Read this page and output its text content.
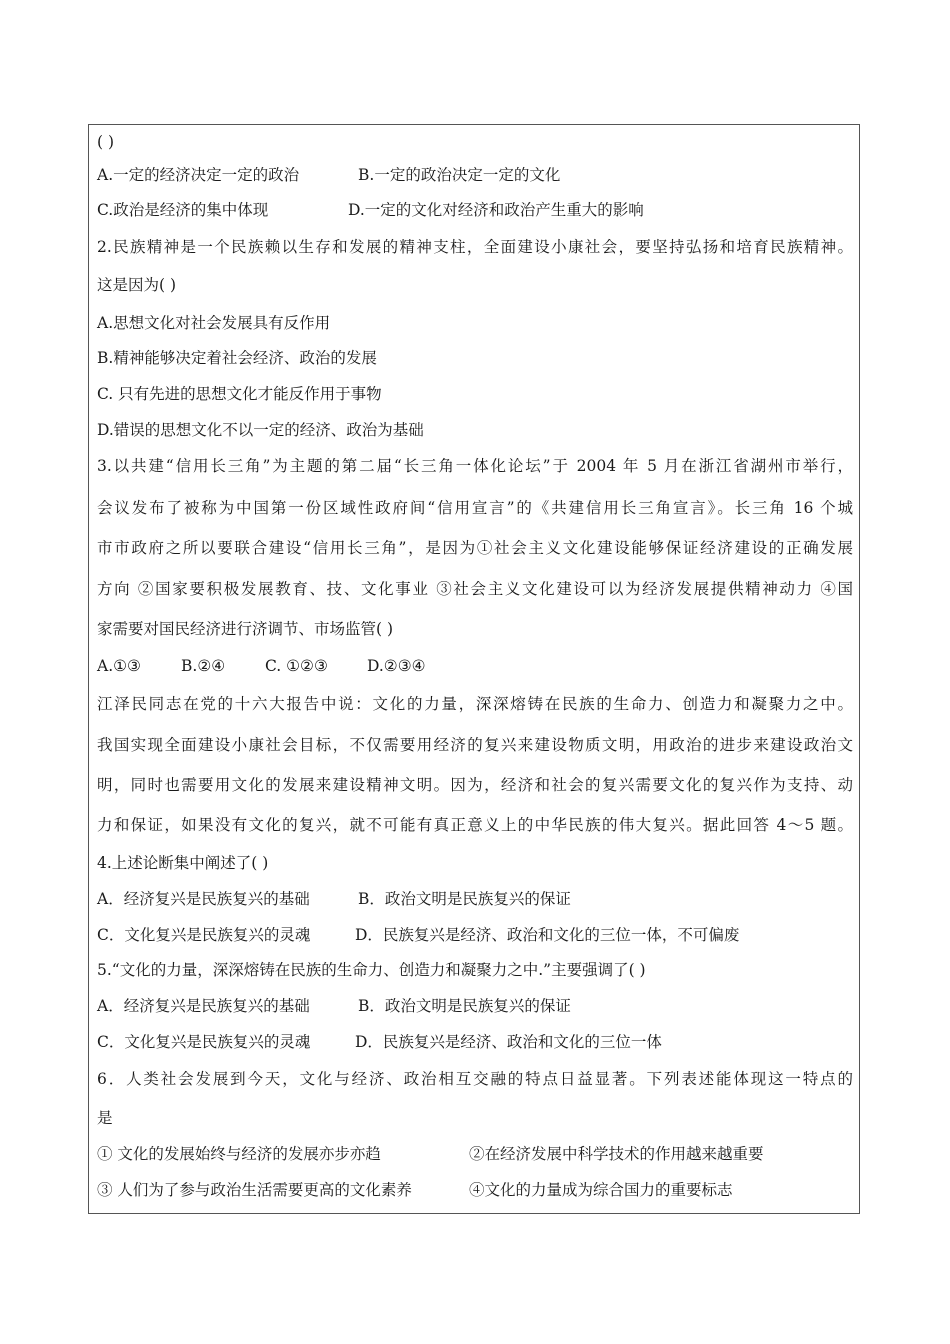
( )
A.一定的经济决定一定的政治	B.一定的政治决定一定的文化
C.政治是经济的集中体现	D.一定的文化对经济和政治产生重大的影响
2.民族精神是一个民族赖以生存和发展的精神支柱，全面建设小康社会，要坚持弘扬和培育民族精神。
这是因为( )
A.思想文化对社会发展具有反作用
B.精神能够决定着社会经济、政治的发展
C. 只有先进的思想文化才能反作用于事物
D.错误的思想文化不以一定的经济、政治为基础
3.以共建“信用长三角”为主题的第二届“长三角一体化论坛”于 2004 年 5 月在浙江省湖州市举行，
会议发布了被称为中国第一份区域性政府间“信用宣言”的《共建信用长三角宣言》。长三角 16 个城
市市政府之所以要联合建设“信用长三角”，是因为①社会主义文化建设能够保证经济建设的正确发展
方向 ②国家要积极发展教育、技、文化事业 ③社会主义文化建设可以为经济发展提供精神动力 ④国
家需要对国民经济进行济调节、市场监管( )
A.①③	B.②④	C. ①②③	D.②③④
江泽民同志在党的十六大报告中说：文化的力量，深深熔铸在民族的生命力、创造力和凝聚力之中。
我国实现全面建设小康社会目标，不仅需要用经济的复兴来建设物质文明，用政治的进步来建设政治文
明，同时也需要用文化的发展来建设精神文明。因为，经济和社会的复兴需要文化的复兴作为支持、动
力和保证，如果没有文化的复兴，就不可能有真正意义上的中华民族的伟大复兴。据此回答 4～5 题。
4.上述论断集中阐述了( )
A．经济复兴是民族复兴的基础	B．政治文明是民族复兴的保证
C．文化复兴是民族复兴的灵魂	D．民族复兴是经济、政治和文化的三位一体，不可偏废
5.“文化的力量，深深熔铸在民族的生命力、创造力和凝聚力之中.”主要强调了( )
A．经济复兴是民族复兴的基础	B．政治文明是民族复兴的保证
C．文化复兴是民族复兴的灵魂	D．民族复兴是经济、政治和文化的三位一体
6．人类社会发展到今天，文化与经济、政治相互交融的特点日益显著。下列表述能体现这一特点的
是
① 文化的发展始终与经济的发展亦步亦趋	②在经济发展中科学技术的作用越来越重要
③ 人们为了参与政治生活需要更高的文化素养	④文化的力量成为综合国力的重要标志
